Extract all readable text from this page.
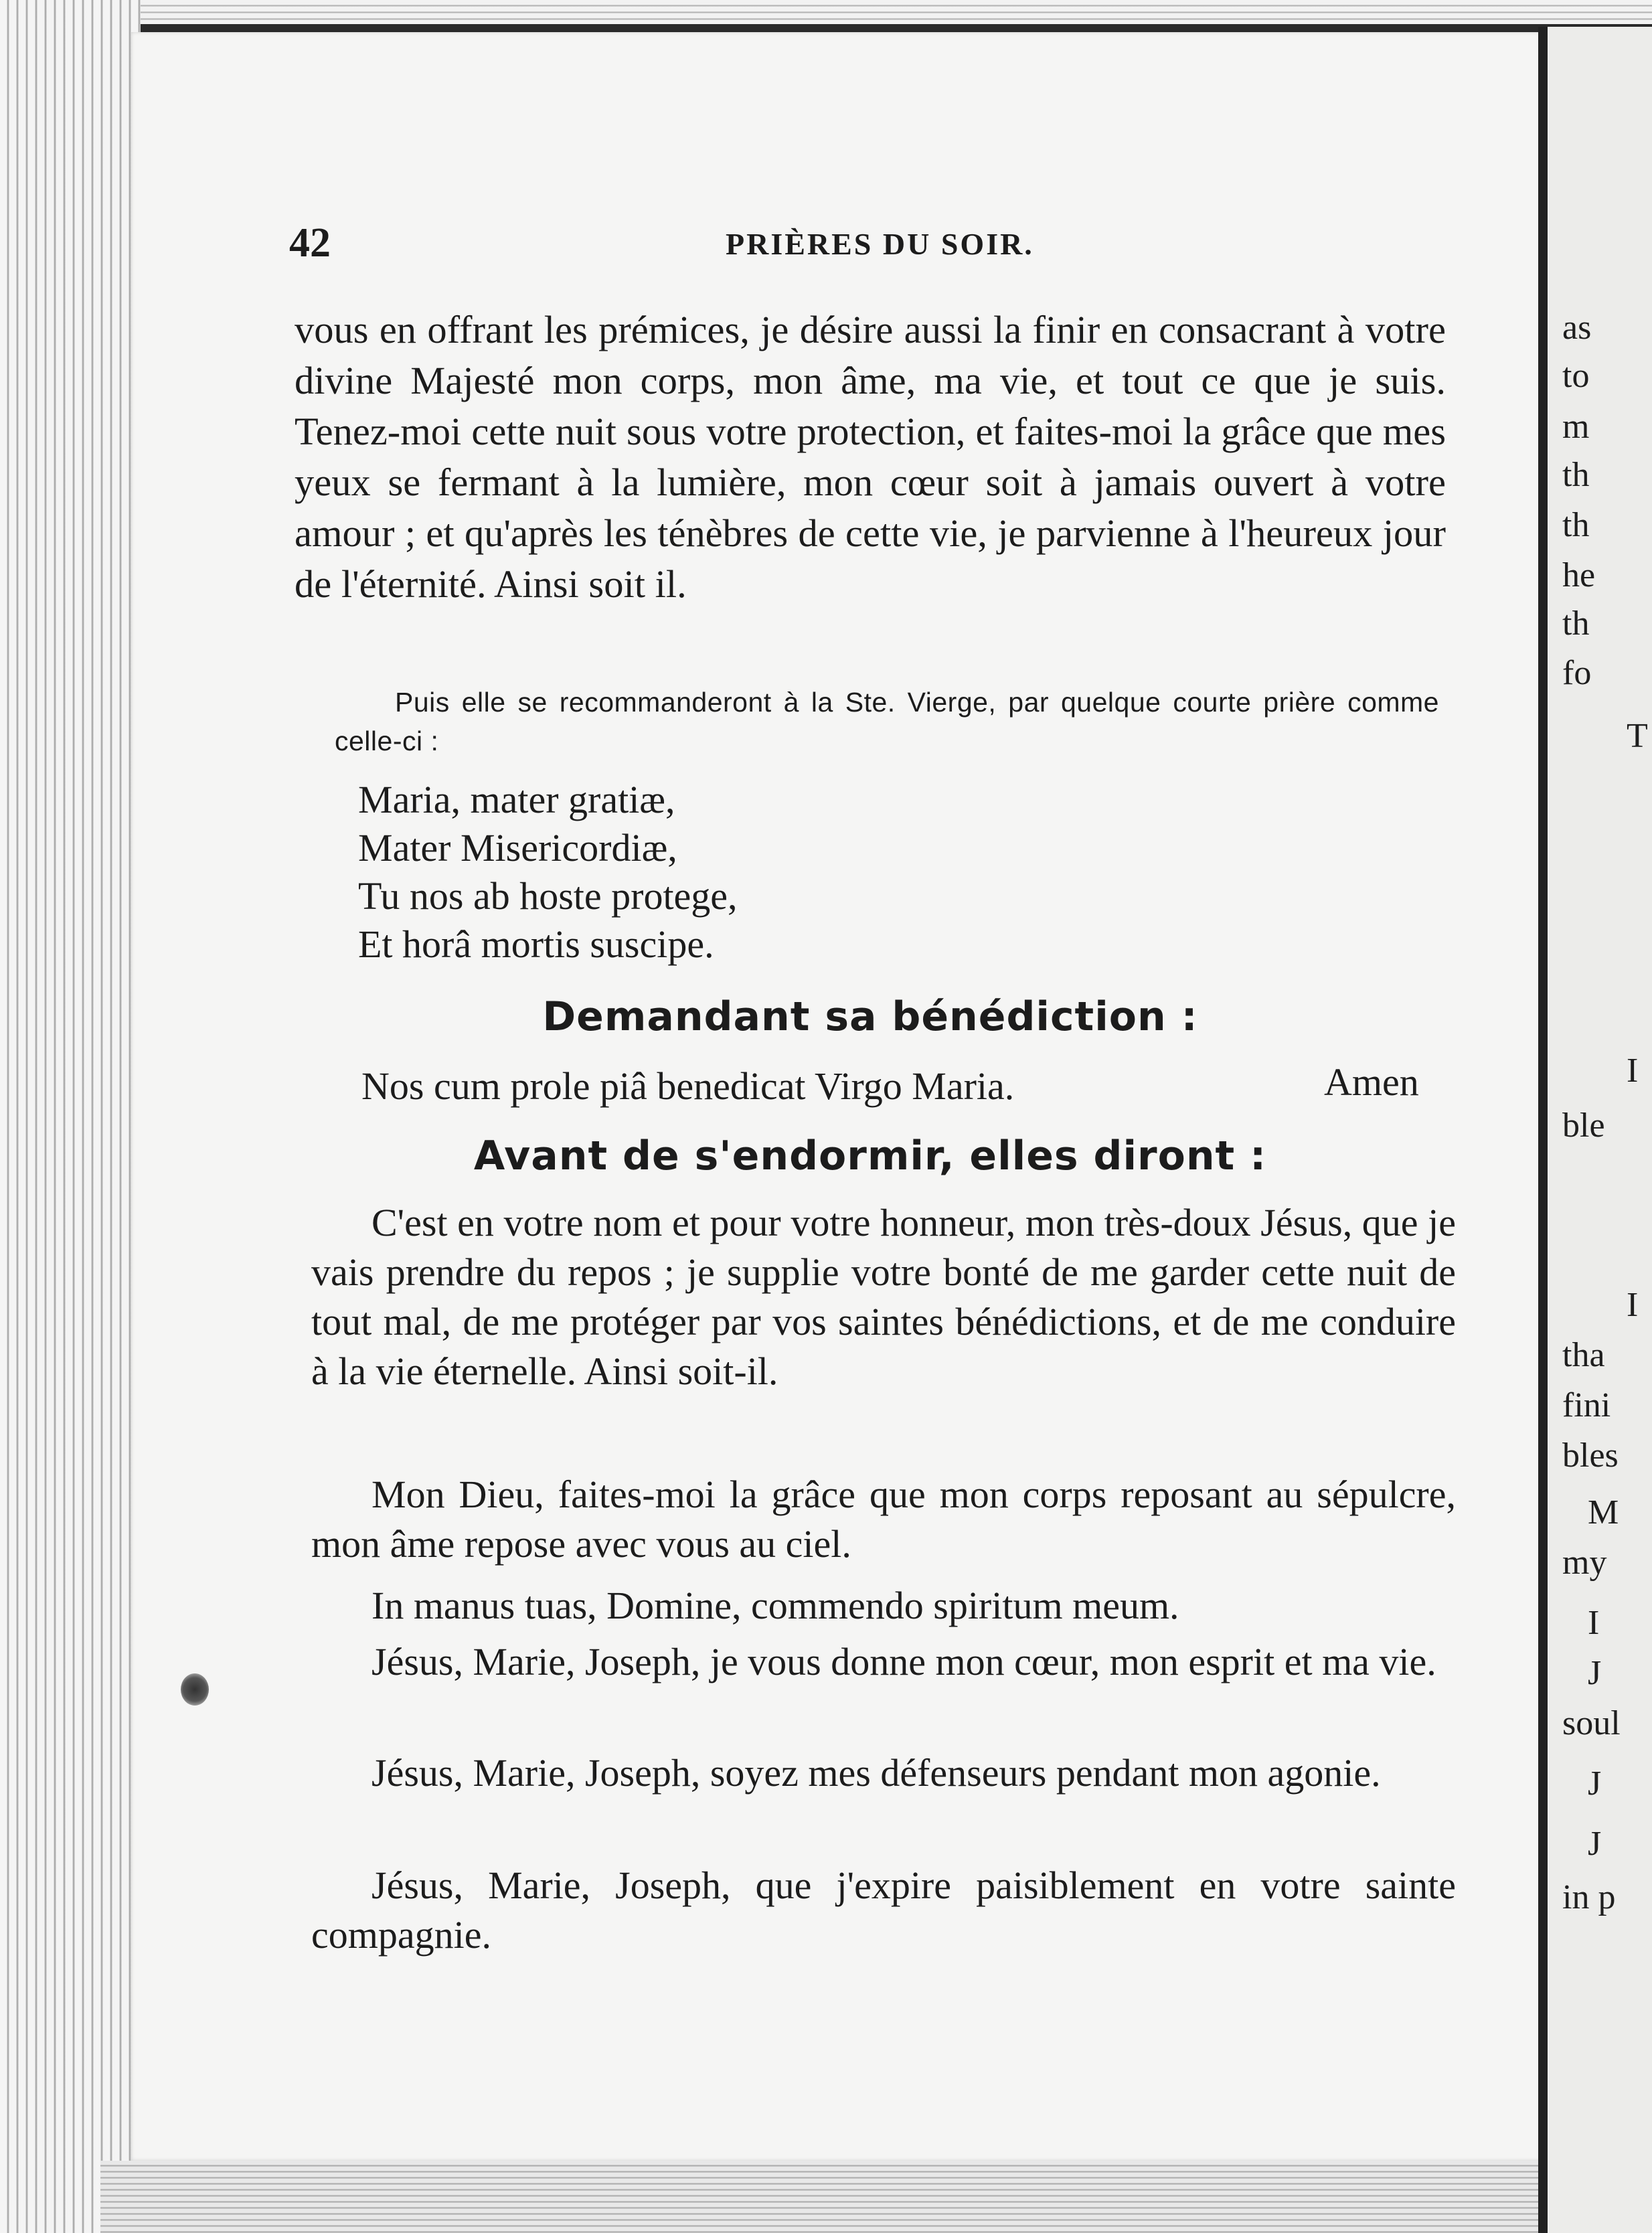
as
to
m
th
th
he
th
fo
T
I
ble
I
tha
fini
bles
M
my
I
J
soul
J
J
in p
42	PRIÈRES DU SOIR.
vous en offrant les prémices, je désire aussi la finir en consacrant à votre divine Majesté mon corps, mon âme, ma vie, et tout ce que je suis. Tenez-moi cette nuit sous votre protection, et faites-moi la grâce que mes yeux se fermant à la lumière, mon cœur soit à jamais ouvert à votre amour ; et qu'après les ténèbres de cette vie, je parvienne à l'heureux jour de l'éternité. Ainsi soit il.
Puis elle se recommanderont à la Ste. Vierge, par quelque courte prière comme celle-ci :
Maria, mater gratiæ,
Mater Misericordiæ,
Tu nos ab hoste protege,
Et horâ mortis suscipe.
Demandant sa bénédiction :
Nos cum prole piâ benedicat Virgo Maria.	Amen
Avant de s'endormir, elles diront :
C'est en votre nom et pour votre honneur, mon très-doux Jésus, que je vais prendre du repos ; je supplie votre bonté de me garder cette nuit de tout mal, de me protéger par vos saintes bénédictions, et de me conduire à la vie éternelle. Ainsi soit-il.
Mon Dieu, faites-moi la grâce que mon corps reposant au sépulcre, mon âme repose avec vous au ciel.
In manus tuas, Domine, commendo spiritum meum.
Jésus, Marie, Joseph, je vous donne mon cœur, mon esprit et ma vie.
Jésus, Marie, Joseph, soyez mes défenseurs pendant mon agonie.
Jésus, Marie, Joseph, que j'expire paisiblement en votre sainte compagnie.
